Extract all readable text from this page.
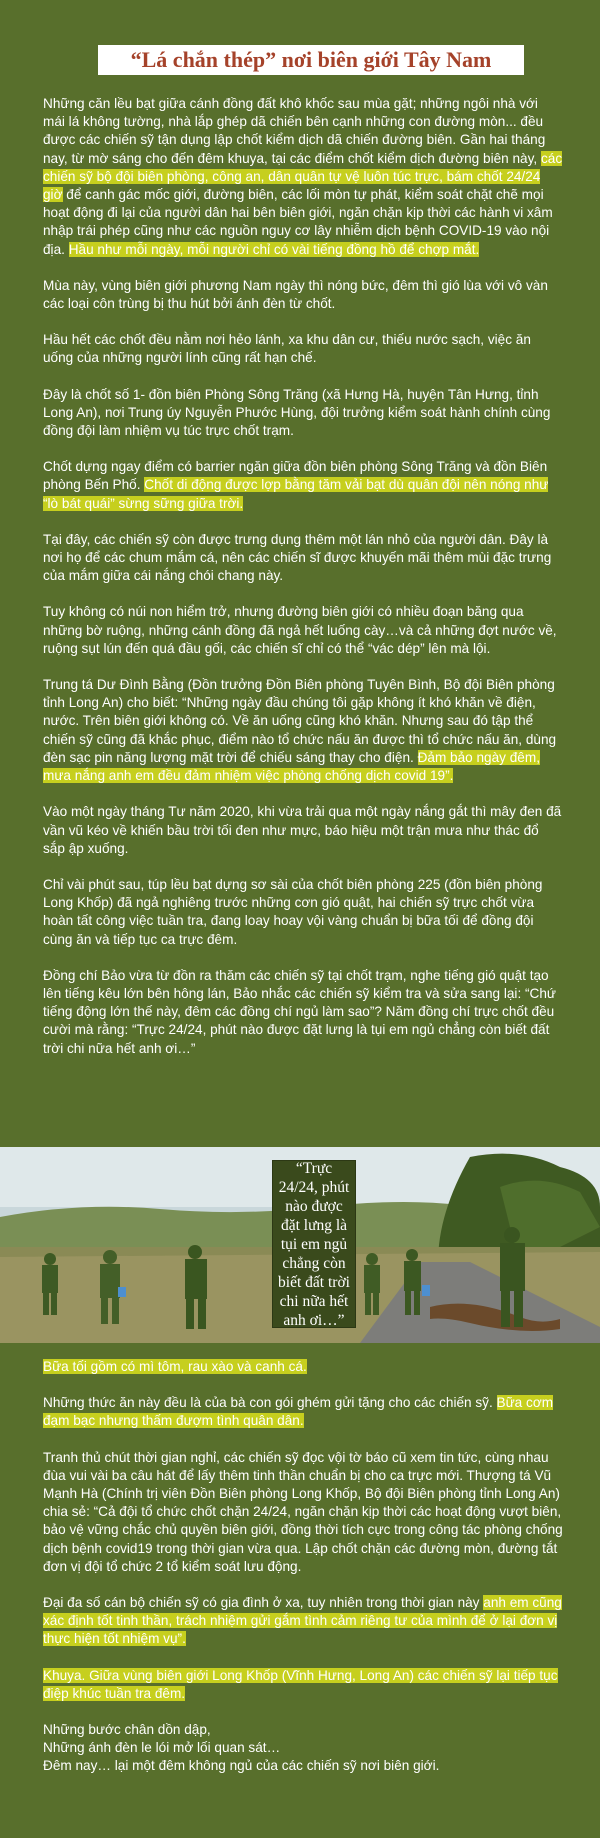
“Lá chắn thép” nơi biên giới Tây Nam

Những căn lều bạt giữa cánh đồng đất khô khốc sau mùa gặt; những ngôi nhà với mái lá không tường, nhà lắp ghép dã chiến bên cạnh những con đường mòn... đều được các chiến sỹ tận dụng lập chốt kiểm dịch dã chiến đường biên. Gần hai tháng nay, từ mờ sáng cho đến đêm khuya, tại các điểm chốt kiểm dịch đường biên này, các chiến sỹ bộ đội biên phòng, công an, dân quân tự vệ luôn túc trực, bám chốt 24/24 giờ để canh gác mốc giới, đường biên, các lối mòn tự phát, kiểm soát chặt chẽ mọi hoạt động đi lại của người dân hai bên biên giới, ngăn chặn kịp thời các hành vi xâm nhập trái phép cũng như các nguồn nguy cơ lây nhiễm dịch bệnh COVID-19 vào nội địa. Hầu như mỗi ngày, mỗi người chỉ có vài tiếng đồng hồ để chợp mắt.

Mùa này, vùng biên giới phương Nam ngày thì nóng bức, đêm thì gió lùa với vô vàn các loại côn trùng bị thu hút bởi ánh đèn từ chốt.

Hầu hết các chốt đều nằm nơi hẻo lánh, xa khu dân cư, thiếu nước sạch, việc ăn uống của những người lính cũng rất hạn chế.

Đây là chốt số 1- đồn biên Phòng Sông Trăng (xã Hưng Hà, huyện Tân Hưng, tỉnh Long An), nơi Trung úy Nguyễn Phước Hùng, đội trưởng kiểm soát hành chính cùng đồng đội làm nhiệm vụ túc trực chốt trạm.

Chốt dựng ngay điểm có barrier ngăn giữa đồn biên phòng Sông Trăng và đồn Biên phòng Bến Phố. Chốt di động được lợp bằng tăm vải bạt dù quân đội nên nóng như “lò bát quái” sừng sững giữa trời.

Tại đây, các chiến sỹ còn được trưng dụng thêm một lán nhỏ của người dân. Đây là nơi họ để các chum mắm cá, nên các chiến sĩ được khuyến mãi thêm mùi đặc trưng của mắm giữa cái nắng chói chang này.

Tuy không có núi non hiểm trở, nhưng đường biên giới có nhiều đoạn băng qua những bờ ruộng, những cánh đồng đã ngả hết luống cày…và cả những đợt nước về, ruộng sụt lún đến quá đầu gối, các chiến sĩ chỉ có thể “vác dép” lên mà lội.

Trung tá Dư Đình Bằng (Đồn trưởng Đồn Biên phòng Tuyên Bình, Bộ đội Biên phòng tỉnh Long An) cho biết: “Những ngày đầu chúng tôi gặp không ít khó khăn về điện, nước. Trên biên giới không có. Về ăn uống cũng khó khăn. Nhưng sau đó tập thể chiến sỹ cũng đã khắc phục, điểm nào tổ chức nấu ăn được thì tổ chức nấu ăn, dùng đèn sạc pin năng lượng mặt trời để chiếu sáng thay cho điện. Đảm bảo ngày đêm, mưa nắng anh em đều đảm nhiệm việc phòng chống dịch covid 19”.

Vào một ngày tháng Tư năm 2020, khi vừa trải qua một ngày nắng gắt thì mây đen đã vần vũ kéo về khiến bầu trời tối đen như mực, báo hiệu một trận mưa như thác đổ sắp ập xuống.

Chỉ vài phút sau, túp lều bạt dựng sơ sài của chốt biên phòng 225 (đồn biên phòng Long Khốp) đã ngả nghiêng trước những cơn gió quật, hai chiến sỹ trực chốt vừa hoàn tất công việc tuần tra, đang loay hoay vội vàng chuẩn bị bữa tối để đồng đội cùng ăn và tiếp tục ca trực đêm.

Đồng chí Bảo vừa từ đồn ra thăm các chiến sỹ tại chốt trạm, nghe tiếng gió quật tạo lên tiếng kêu lớn bên hông lán, Bảo nhắc các chiến sỹ kiểm tra và sửa sang lại: “Chứ tiếng động lớn thế này, đêm các đồng chí ngủ làm sao”? Năm đồng chí trực chốt đều cười mà rằng: “Trực 24/24, phút nào được đặt lưng là tụi em ngủ chẳng còn biết đất trời chi nữa hết anh ơi…”

“Trực 24/24, phút nào được đặt lưng là tụi em ngủ chẳng còn biết đất trời chi nữa hết anh ơi…”

Bữa tối gồm có mì tôm, rau xào và canh cá.

Những thức ăn này đều là của bà con gói ghém gửi tặng cho các chiến sỹ. Bữa cơm đạm bạc nhưng thấm đượm tình quân dân.

Tranh thủ chút thời gian nghỉ, các chiến sỹ đọc vội tờ báo cũ xem tin tức, cùng nhau đùa vui vài ba câu hát để lấy thêm tinh thần chuẩn bị cho ca trực mới. Thượng tá Vũ Mạnh Hà (Chính trị viên Đồn Biên phòng Long Khốp, Bộ đội Biên phòng tỉnh Long An) chia sẻ: “Cả đội tổ chức chốt chặn 24/24, ngăn chặn kịp thời các hoạt động vượt biên, bảo vệ vững chắc chủ quyền biên giới, đồng thời tích cực trong công tác phòng chống dịch bệnh covid19 trong thời gian vừa qua. Lập chốt chặn các đường mòn, đường tắt đơn vị đội tổ chức 2 tổ kiểm soát lưu động.

Đại đa số cán bộ chiến sỹ có gia đình ở xa, tuy nhiên trong thời gian này anh em cũng xác định tốt tinh thần, trách nhiệm gửi gắm tình cảm riêng tư của mình để ở lại đơn vị thực hiện tốt nhiệm vụ”.

Khuya. Giữa vùng biên giới Long Khốp (Vĩnh Hưng, Long An) các chiến sỹ lại tiếp tục điệp khúc tuần tra đêm.

Những bước chân dồn dập,
Những ánh đèn le lói mở lối quan sát…
Đêm nay… lại một đêm không ngủ của các chiến sỹ nơi biên giới.
